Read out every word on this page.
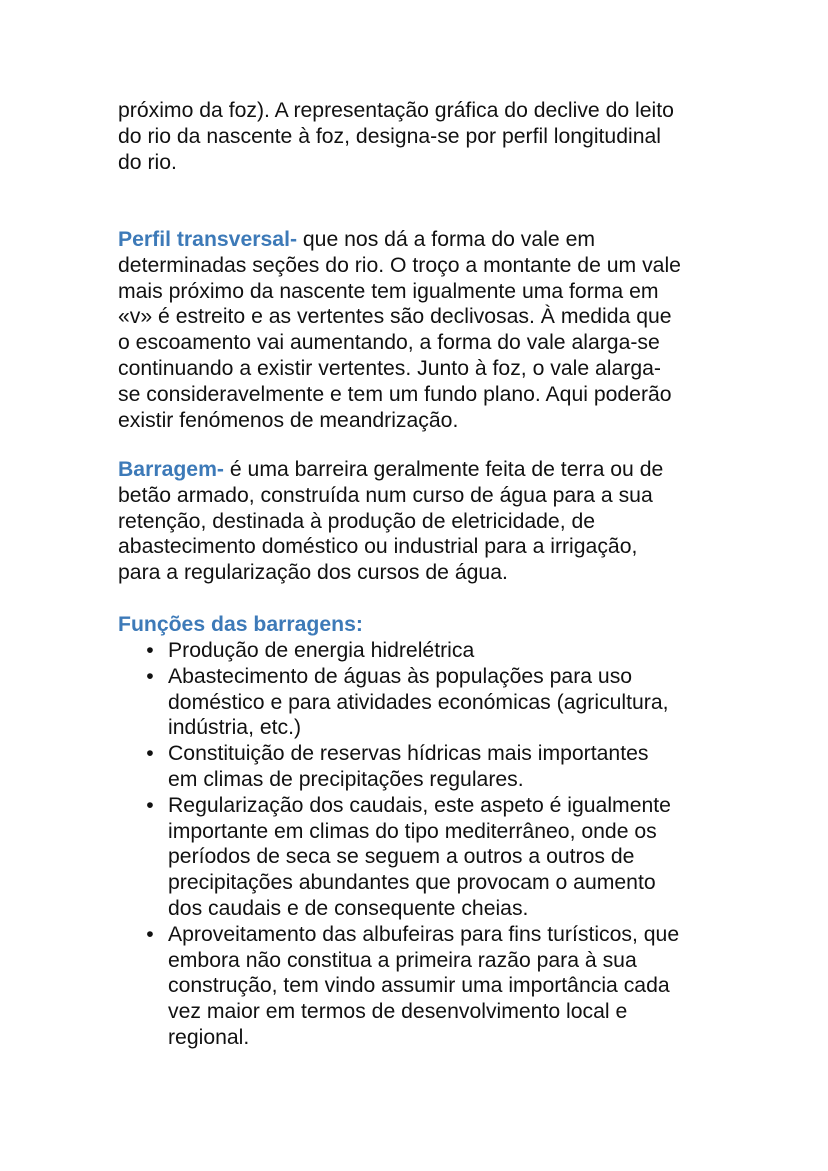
próximo da foz). A representação gráfica do declive do leito
do rio da nascente à foz, designa-se por perfil longitudinal
do rio.

Perfil transversal- que nos dá a forma do vale em
determinadas seções do rio. O troço a montante de um vale
mais próximo da nascente tem igualmente uma forma em
«v» é estreito e as vertentes são declivosas. À medida que
o escoamento vai aumentando, a forma do vale alarga-se
continuando a existir vertentes. Junto à foz, o vale alarga-
se consideravelmente e tem um fundo plano. Aqui poderão
existir fenómenos de meandrização.

Barragem- é uma barreira geralmente feita de terra ou de
betão armado, construída num curso de água para a sua
retenção, destinada à produção de eletricidade, de
abastecimento doméstico ou industrial para a irrigação,
para a regularização dos cursos de água.

Funções das barragens:

• Produção de energia hidrelétrica
• Abastecimento de águas às populações para uso
doméstico e para atividades económicas (agricultura,
indústria, etc.)
• Constituição de reservas hídricas mais importantes
em climas de precipitações regulares.
• Regularização dos caudais, este aspeto é igualmente
importante em climas do tipo mediterrâneo, onde os
períodos de seca se seguem a outros a outros de
precipitações abundantes que provocam o aumento
dos caudais e de consequente cheias.
• Aproveitamento das albufeiras para fins turísticos, que
embora não constitua a primeira razão para à sua
construção, tem vindo assumir uma importância cada
vez maior em termos de desenvolvimento local e
regional.
